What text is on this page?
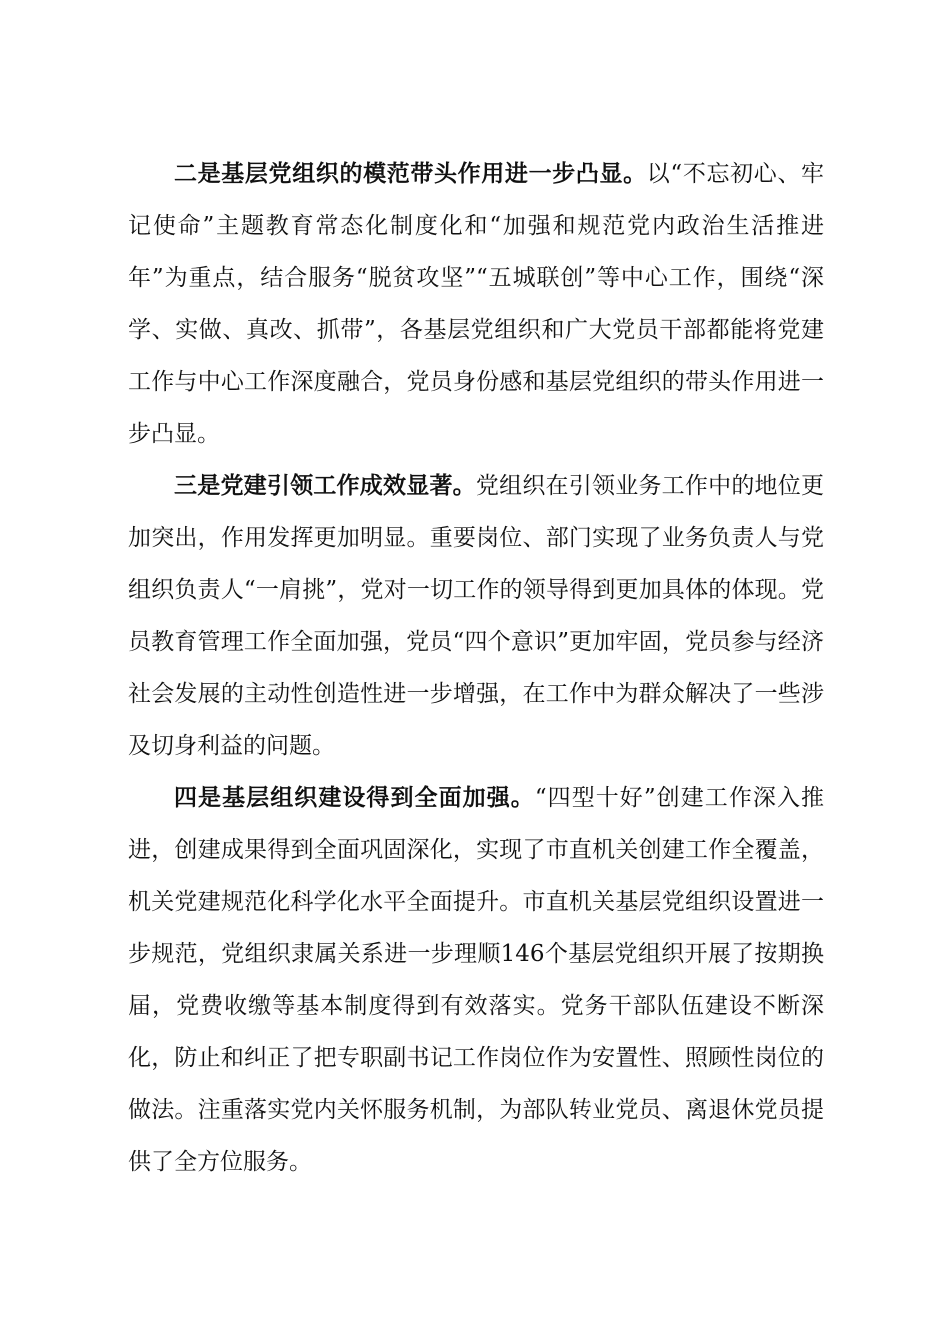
二是基层党组织的模范带头作用进一步凸显。以“不忘初心、牢记使命”主题教育常态化制度化和“加强和规范党内政治生活推进年”为重点，结合服务“脱贫攻坚”“五城联创”等中心工作，围绕“深学、实做、真改、抓带”，各基层党组织和广大党员干部都能将党建工作与中心工作深度融合，党员身份感和基层党组织的带头作用进一步凸显。

三是党建引领工作成效显著。党组织在引领业务工作中的地位更加突出，作用发挥更加明显。重要岗位、部门实现了业务负责人与党组织负责人“一肩挑”，党对一切工作的领导得到更加具体的体现。党员教育管理工作全面加强，党员“四个意识”更加牢固，党员参与经济社会发展的主动性创造性进一步增强，在工作中为群众解决了一些涉及切身利益的问题。

四是基层组织建设得到全面加强。“四型十好”创建工作深入推进，创建成果得到全面巩固深化，实现了市直机关创建工作全覆盖，机关党建规范化科学化水平全面提升。市直机关基层党组织设置进一步规范，党组织隶属关系进一步理顺146个基层党组织开展了按期换届，党费收缴等基本制度得到有效落实。党务干部队伍建设不断深化，防止和纠正了把专职副书记工作岗位作为安置性、照顾性岗位的做法。注重落实党内关怀服务机制，为部队转业党员、离退休党员提供了全方位服务。
